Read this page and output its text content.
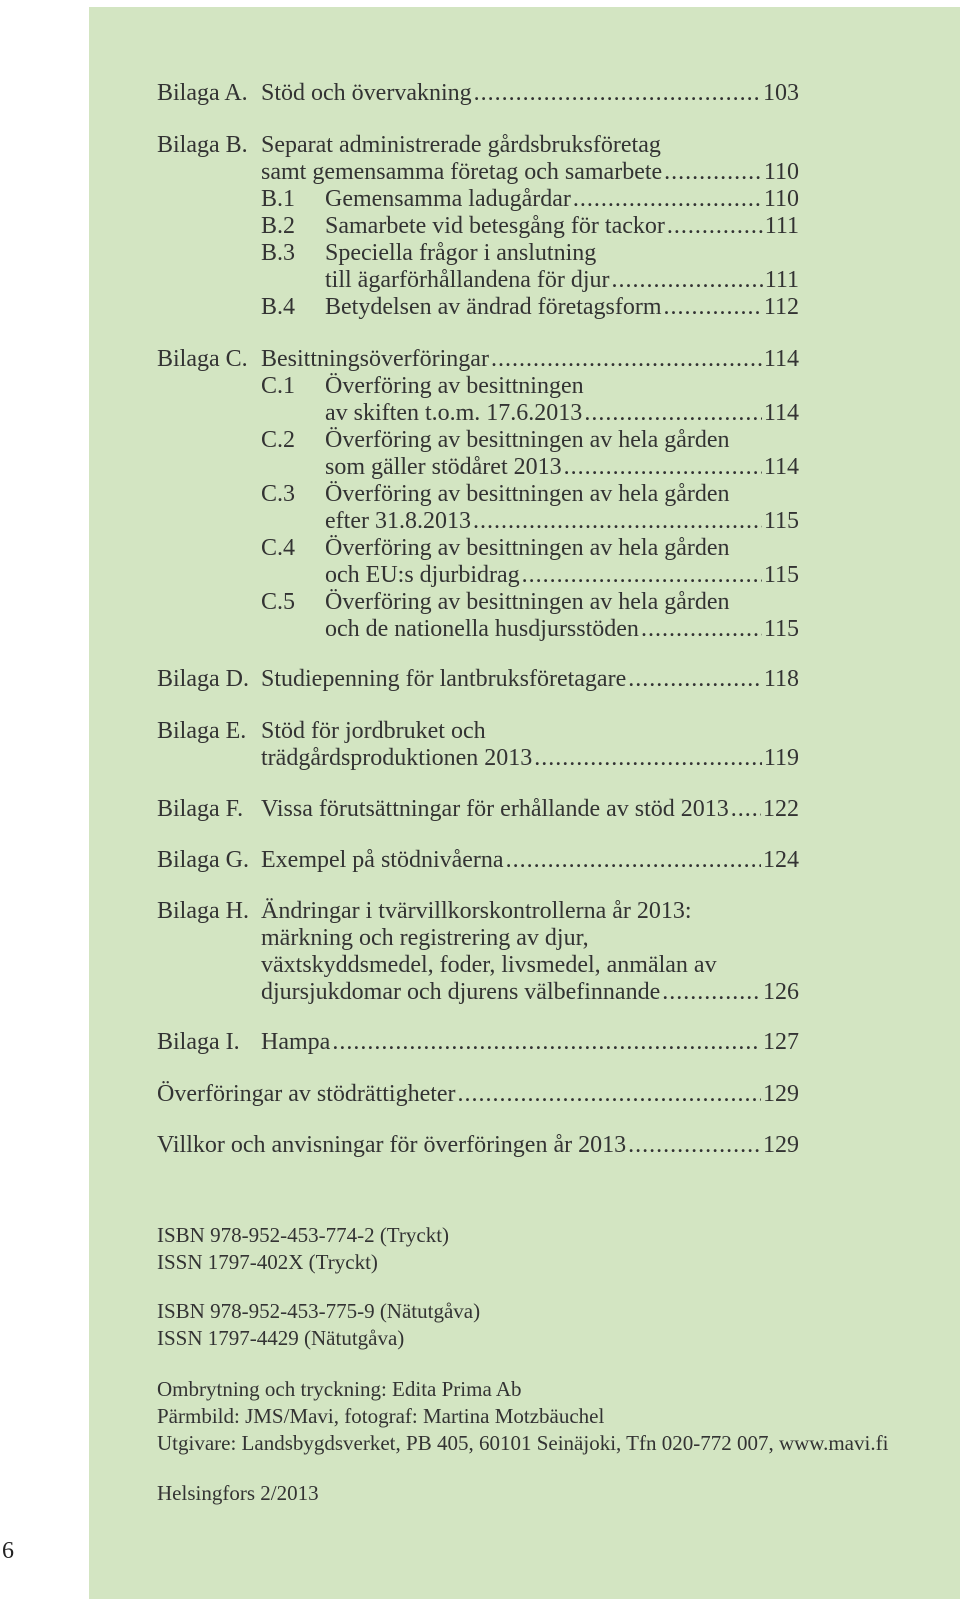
6
Bilaga A. Stöd och övervakning .....	103
Bilaga B. Separat administrerade gårdsbruksföretag
samt gemensamma företag och samarbete .....	110
B.1	Gemensamma ladugårdar .....	110
B.2	Samarbete vid betesgång för tackor .....	111
B.3	Speciella frågor i anslutning
till ägarförhållandena för djur .....	111
B.4	Betydelsen av ändrad företagsform .....	112
Bilaga C. Besittningsöverföringar .....	114
C.1	Överföring av besittningen
av skiften t.o.m. 17.6.2013 .....	114
C.2	Överföring av besittningen av hela gården
som gäller stödåret 2013 .....	114
C.3	Överföring av besittningen av hela gården
efter 31.8.2013 .....	115
C.4	Överföring av besittningen av hela gården
och EU:s djurbidrag .....	115
C.5	Överföring av besittningen av hela gården
och de nationella husdjursstöden .....	115
Bilaga D. Studiepenning för lantbruksföretagare .....	118
Bilaga E. Stöd för jordbruket och
trädgårdsproduktionen 2013 .....	119
Bilaga F. Vissa förutsättningar för erhållande av stöd 2013 ..... 122
Bilaga G. Exempel på stödnivåerna .....	124
Bilaga H. Ändringar i tvärvillkorskontrollerna år 2013:
märkning och registrering av djur,
växtskyddsmedel, foder, livsmedel, anmälan av
djursjukdomar och djurens välbefinnande .....	126
Bilaga I. Hampa .....	127
Överföringar av stödrättigheter .....	129
Villkor och anvisningar för överföringen år 2013 .....	129
ISBN 978-952-453-774-2 (Tryckt)
ISSN 1797-402X (Tryckt)
ISBN 978-952-453-775-9 (Nätutgåva)
ISSN 1797-4429 (Nätutgåva)
Ombrytning och tryckning: Edita Prima Ab
Pärmbild: JMS/Mavi, fotograf: Martina Motzbäuchel
Utgivare: Landsbygdsverket, PB 405, 60101 Seinäjoki, Tfn 020-772 007, www.mavi.fi
Helsingfors 2/2013
